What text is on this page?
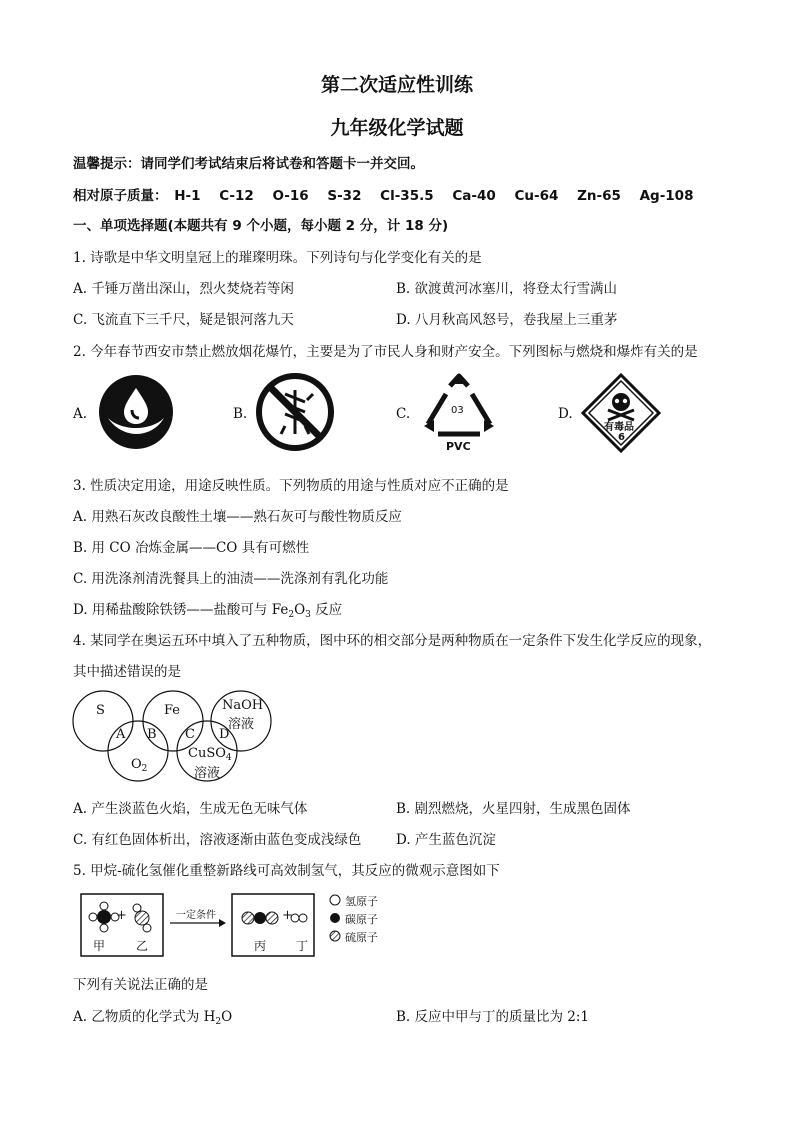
第二次适应性训练
九年级化学试题
温馨提示：请同学们考试结束后将试卷和答题卡一并交回。
相对原子质量： H-1 C-12 O-16 S-32 Cl-35.5 Ca-40 Cu-64 Zn-65 Ag-108
一、单项选择题(本题共有 9 个小题，每小题 2 分，计 18 分)
1. 诗歌是中华文明皇冠上的璀璨明珠。下列诗句与化学变化有关的是
A. 千锤万凿出深山，烈火焚烧若等闲	B. 欲渡黄河冰塞川，将登太行雪满山
C. 飞流直下三千尺，疑是银河落九天	D. 八月秋高风怒号，卷我屋上三重茅
2. 今年春节西安市禁止燃放烟花爆竹，主要是为了市民人身和财产安全。下列图标与燃烧和爆炸有关的是
A.	B.	C.	03
PVC
D.
有毒品
6
3. 性质决定用途，用途反映性质。下列物质的用途与性质对应不正确的是
A. 用熟石灰改良酸性土壤——熟石灰可与酸性物质反应
B. 用 CO 冶炼金属——CO 具有可燃性
C. 用洗涤剂清洗餐具上的油渍——洗涤剂有乳化功能
D. 用稀盐酸除铁锈——盐酸可与 $Fe_2O_3$ 反应
4. 某同学在奥运五环中填入了五种物质，图中环的相交部分是两种物质在一定条件下发生化学反应的现象，
其中描述错误的是
S	Fe	NaOH
溶液
$O_2$
CuSO$_4$
溶液
A B C D
A. 产生淡蓝色火焰，生成无色无味气体	B. 剧烈燃烧，火星四射，生成黑色固体
C. 有红色固体析出，溶液逐渐由蓝色变成浅绿色	D. 产生蓝色沉淀
5. 甲烷-硫化氢催化重整新路线可高效制氢气，其反应的微观示意图如下
+	+
一定条件
甲	乙	丙 丁
氢原子
碳原子
硫原子
下列有关说法正确的是
A. 乙物质的化学式为 $H_2O$	B. 反应中甲与丁的质量比为 2:1
